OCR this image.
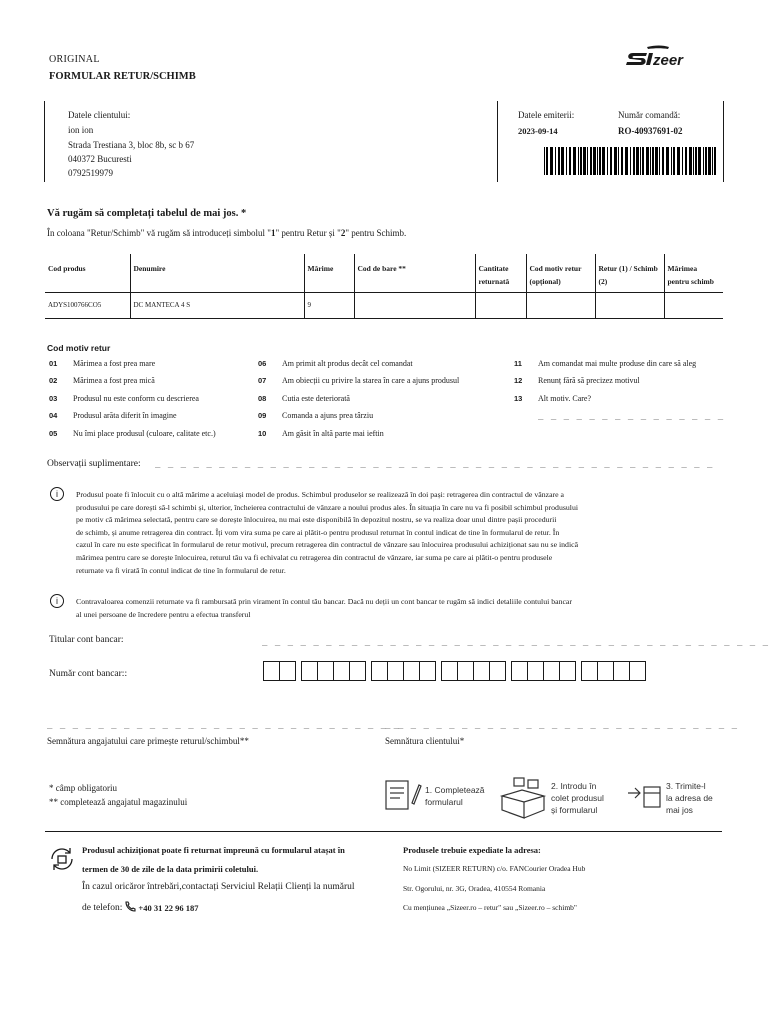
ORIGINAL
FORMULAR RETUR/SCHIMB
zeer
Datele clientului:
ion ion
Strada Trestiana 3, bloc 8b, sc b 67
040372 Bucuresti
0792519979
Datele emiterii:
2023-09-14
Număr comandă:
RO-40937691-02
Vă rugăm să completați tabelul de mai jos. *
În coloana "Retur/Schimb" vă rugăm să introduceți simbolul "1" pentru Retur și "2" pentru Schimb.
Cod produs	Denumire	Mărime	Cod de bare **	Cantitate returnată	Cod motiv retur (opțional)	Retur (1) / Schimb (2)	Mărimea pentru schimb
ADYS100766CO5	DC MANTECA 4 S	9	

Cod motiv retur
01	Mărimea a fost prea mare
02	Mărimea a fost prea mică
03	Produsul nu este conform cu descrierea
04	Produsul arăta diferit în imagine
05	Nu îmi place produsul (culoare, calitate etc.)
06	Am primit alt produs decât cel comandat
07	Am obiecții cu privire la starea în care a ajuns produsul
08	Cutia este deteriorată
09	Comanda a ajuns prea târziu
10	Am găsit în altă parte mai ieftin
11	Am comandat mai multe produse din care să aleg
12	Renunț fără să precizez motivul
13	Alt motiv. Care?
_ _ _ _ _ _ _ _ _ _ _ _ _ _ _
Observații suplimentare: _ _ _ _ _ _ _ _ _ _ _ _ _ _ _ _ _ _ _ _ _ _ _ _ _ _ _ _ _ _ _ _ _ _ _ _ _ _ _ _ _ _ _ _
i	Produsul poate fi înlocuit cu o altă mărime a aceluiași model de produs. Schimbul produselor se realizează în doi pași: retragerea din contractul de vânzare a
produsului pe care dorești să-l schimbi și, ulterior, încheierea contractului de vânzare a noului produs ales. În situația în care nu va fi posibil schimbul produsului
pe motiv că mărimea selectată, pentru care se dorește înlocuirea, nu mai este disponibilă în depozitul nostru, se va realiza doar unul dintre pașii procedurii
de schimb, și anume retragerea din contract. Îți vom vira suma pe care ai plătit-o pentru produsul returnat în contul indicat de tine în formularul de retur. În
cazul în care nu este specificat în formularul de retur motivul, precum retragerea din contractul de vânzare sau înlocuirea produsului achiziționat sau nu se indică
mărimea pentru care se dorește înlocuirea, returul tău va fi echivalat cu retragerea din contractul de vânzare, iar suma pe care ai plătit-o pentru produsele
returnate va fi virată în contul indicat de tine în formularul de retur.
i	Contravaloarea comenzii returnate va fi rambursată prin virament în contul tău bancar. Dacă nu deții un cont bancar te rugăm să indici detaliile contului bancar
al unei persoane de încredere pentru a efectua transferul
Titular cont bancar:	_ _ _ _ _ _ _ _ _ _ _ _ _ _ _ _ _ _ _ _ _ _ _ _ _ _ _ _ _ _ _ _ _ _ _ _ _ _ _ _
Număr cont bancar::
_ _ _ _ _ _ _ _ _ _ _ _ _ _ _ _ _ _ _ _ _ _ _ _ _ _ _ _
_ _ _ _ _ _ _ _ _ _ _ _ _ _ _ _ _ _ _ _ _ _ _ _ _ _ _ _
Semnătura angajatului care primește returul/schimbul**	Semnătura clientului*
* câmp obligatoriu
** completează angajatul magazinului
1. Completează
formularul
2. Introdu în
colet produsul
și formularul
3. Trimite-l
la adresa de
mai jos
Produsul achiziționat poate fi returnat împreună cu formularul atașat în
termen de 30 de zile de la data primirii coletului.
În cazul oricăror întrebări,contactați Serviciul Relații Clienți la numărul
de telefon: +40 31 22 96 187
Produsele trebuie expediate la adresa:
No Limit (SIZEER RETURN) c/o. FANCourier Oradea Hub
Str. Ogorului, nr. 3G, Oradea, 410554 Romania
Cu mențiunea „Sizeer.ro – retur" sau „Sizeer.ro – schimb"
